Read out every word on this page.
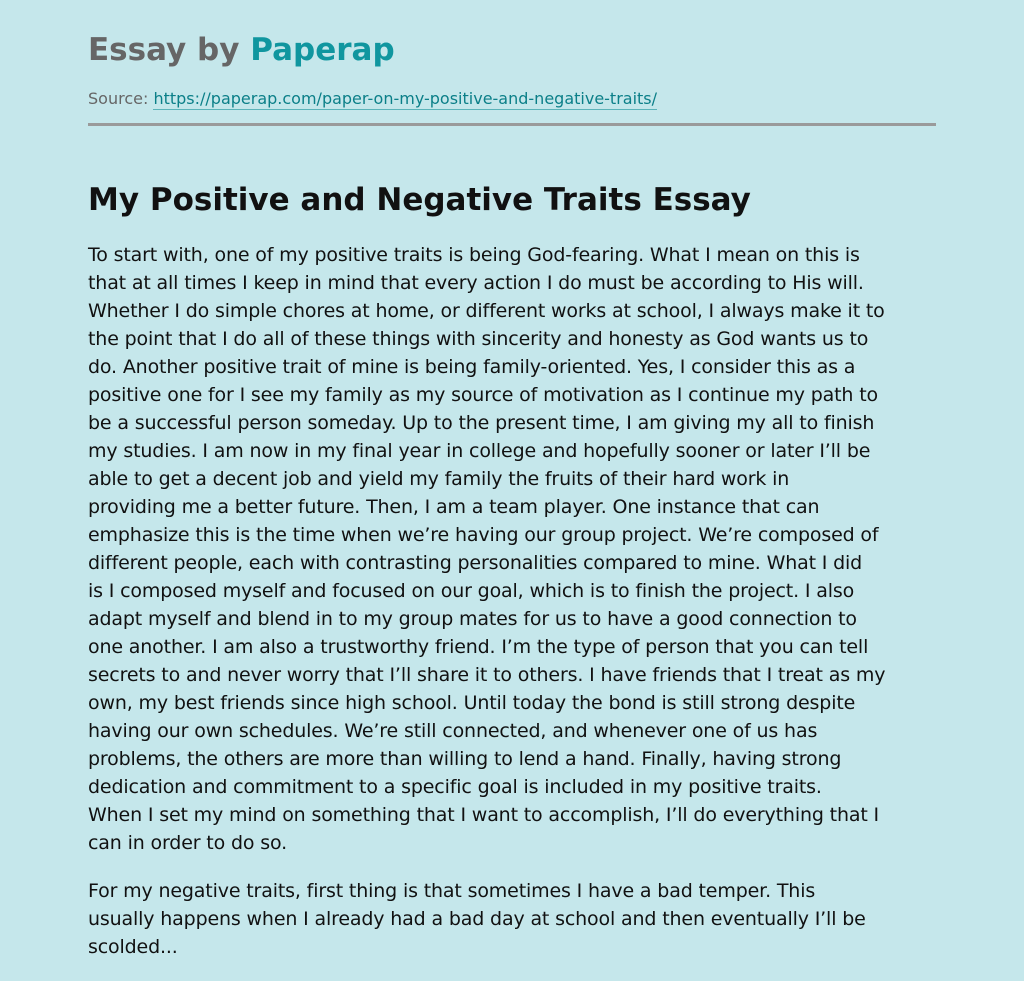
Essay by Paperap
Source: https://paperap.com/paper-on-my-positive-and-negative-traits/
My Positive and Negative Traits Essay

To start with, one of my positive traits is being God-fearing. What I mean on this is
that at all times I keep in mind that every action I do must be according to His will.
Whether I do simple chores at home, or different works at school, I always make it to
the point that I do all of these things with sincerity and honesty as God wants us to
do. Another positive trait of mine is being family-oriented. Yes, I consider this as a
positive one for I see my family as my source of motivation as I continue my path to
be a successful person someday. Up to the present time, I am giving my all to finish
my studies. I am now in my final year in college and hopefully sooner or later I’ll be
able to get a decent job and yield my family the fruits of their hard work in
providing me a better future. Then, I am a team player. One instance that can
emphasize this is the time when we’re having our group project. We’re composed of
different people, each with contrasting personalities compared to mine. What I did
is I composed myself and focused on our goal, which is to finish the project. I also
adapt myself and blend in to my group mates for us to have a good connection to
one another. I am also a trustworthy friend. I’m the type of person that you can tell
secrets to and never worry that I’ll share it to others. I have friends that I treat as my
own, my best friends since high school. Until today the bond is still strong despite
having our own schedules. We’re still connected, and whenever one of us has
problems, the others are more than willing to lend a hand. Finally, having strong
dedication and commitment to a specific goal is included in my positive traits.
When I set my mind on something that I want to accomplish, I’ll do everything that I
can in order to do so.

For my negative traits, first thing is that sometimes I have a bad temper. This
usually happens when I already had a bad day at school and then eventually I’ll be
scolded...
